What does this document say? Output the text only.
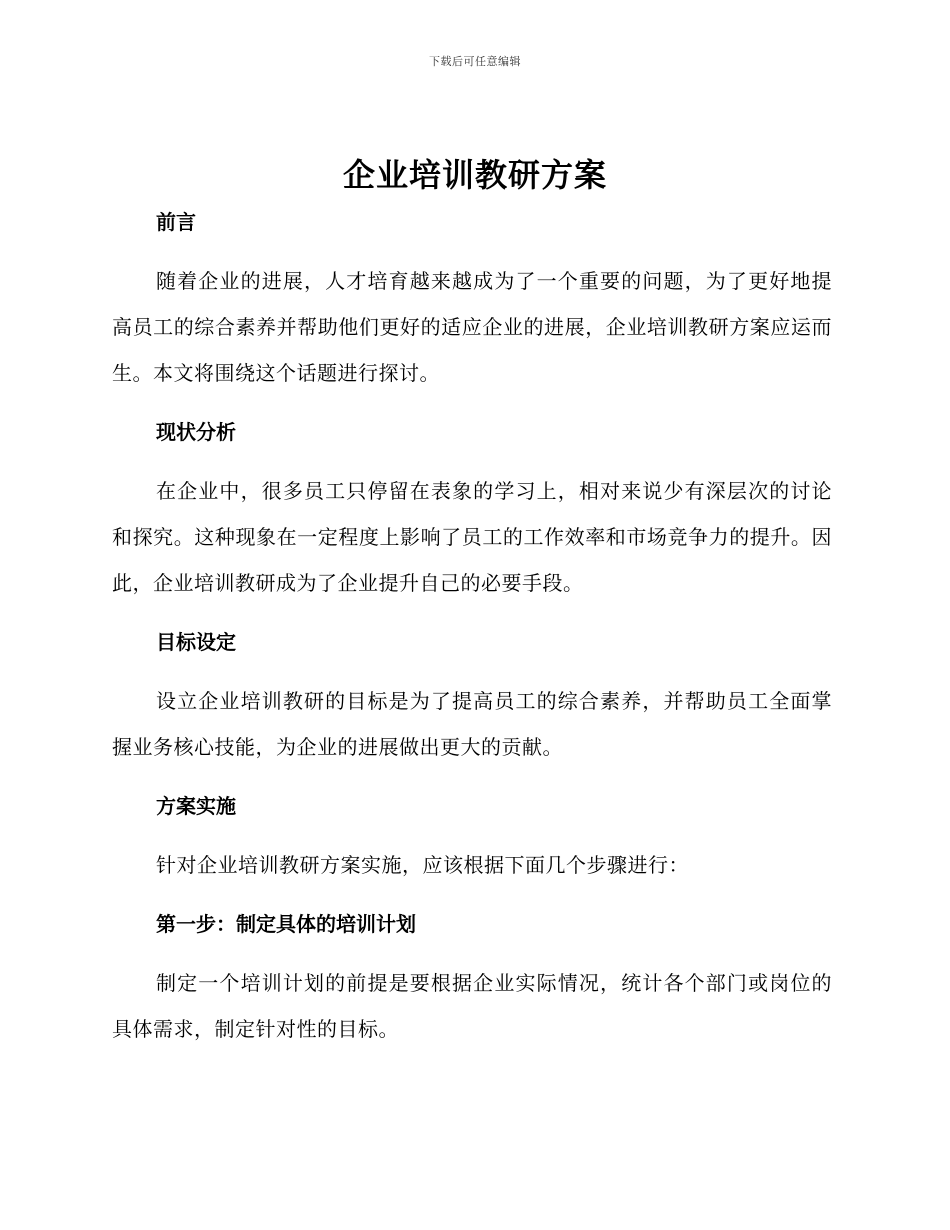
下载后可任意编辑
企业培训教研方案

前言

随着企业的进展，人才培育越来越成为了一个重要的问题，为了更好地提高员工的综合素养并帮助他们更好的适应企业的进展，企业培训教研方案应运而生。本文将围绕这个话题进行探讨。

现状分析

在企业中，很多员工只停留在表象的学习上，相对来说少有深层次的讨论和探究。这种现象在一定程度上影响了员工的工作效率和市场竞争力的提升。因此，企业培训教研成为了企业提升自己的必要手段。

目标设定

设立企业培训教研的目标是为了提高员工的综合素养，并帮助员工全面掌握业务核心技能，为企业的进展做出更大的贡献。

方案实施

针对企业培训教研方案实施，应该根据下面几个步骤进行：

第一步：制定具体的培训计划

制定一个培训计划的前提是要根据企业实际情况，统计各个部门或岗位的具体需求，制定针对性的目标。
